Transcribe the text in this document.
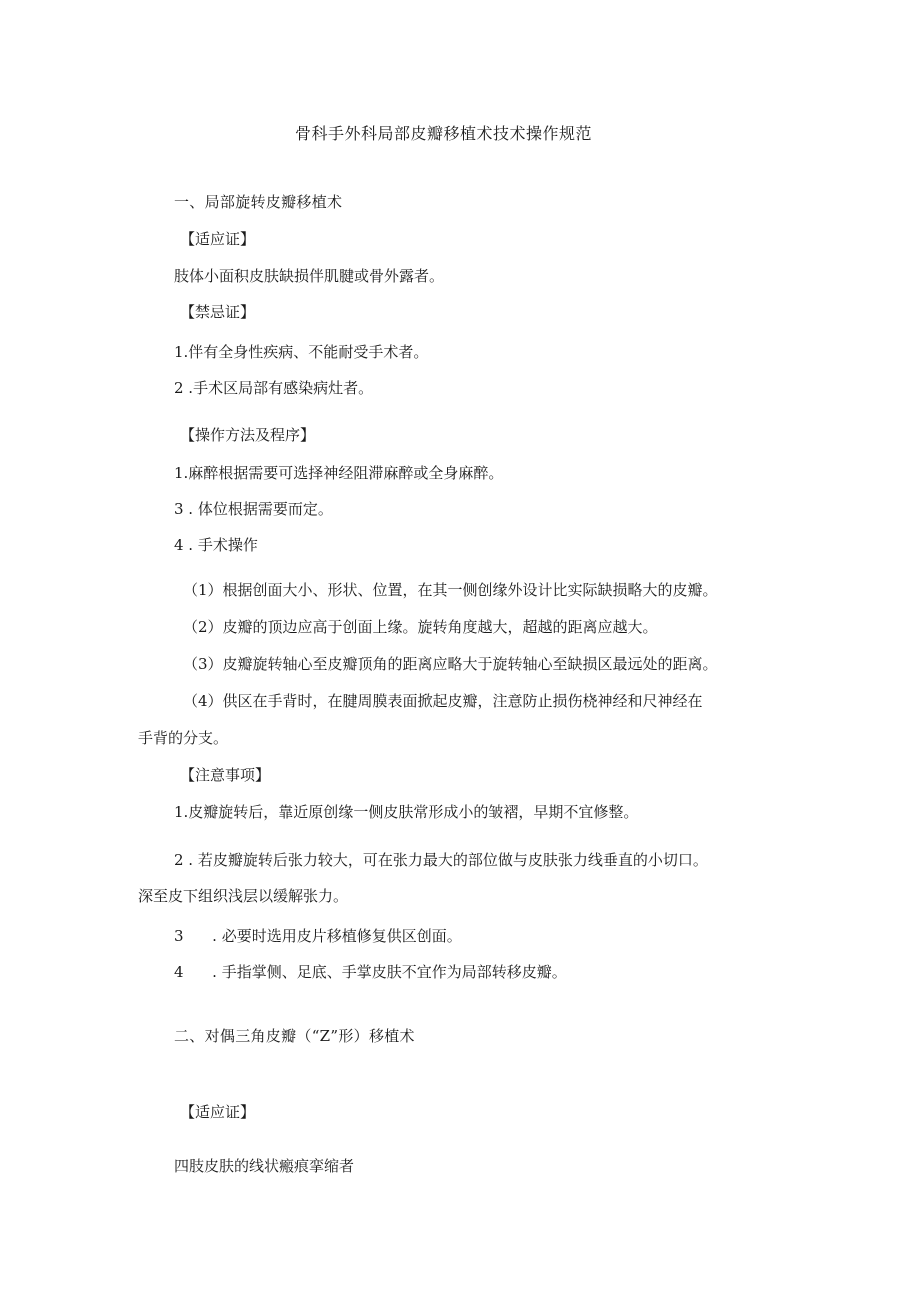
骨科手外科局部皮瓣移植术技术操作规范
一、局部旋转皮瓣移植术
【适应证】
肢体小面积皮肤缺损伴肌腱或骨外露者。
【禁忌证】
1.伴有全身性疾病、不能耐受手术者。
2 .手术区局部有感染病灶者。
【操作方法及程序】
1.麻醉根据需要可选择神经阻滞麻醉或全身麻醉。
3 . 体位根据需要而定。
4 . 手术操作
（1）根据创面大小、形状、位置，在其一侧创缘外设计比实际缺损略大的皮瓣。
（2）皮瓣的顶边应高于创面上缘。旋转角度越大，超越的距离应越大。
（3）皮瓣旋转轴心至皮瓣顶角的距离应略大于旋转轴心至缺损区最远处的距离。
（4）供区在手背时，在腱周膜表面掀起皮瓣，注意防止损伤桡神经和尺神经在
手背的分支。
【注意事项】
1.皮瓣旋转后，靠近原创缘一侧皮肤常形成小的皱褶，早期不宜修整。
2 . 若皮瓣旋转后张力较大，可在张力最大的部位做与皮肤张力线垂直的小切口。
深至皮下组织浅层以缓解张力。
3      . 必要时选用皮片移植修复供区创面。
4      . 手指掌侧、足底、手掌皮肤不宜作为局部转移皮瓣。
二、对偶三角皮瓣（“Z”形）移植术
【适应证】
四肢皮肤的线状瘢痕挛缩者
